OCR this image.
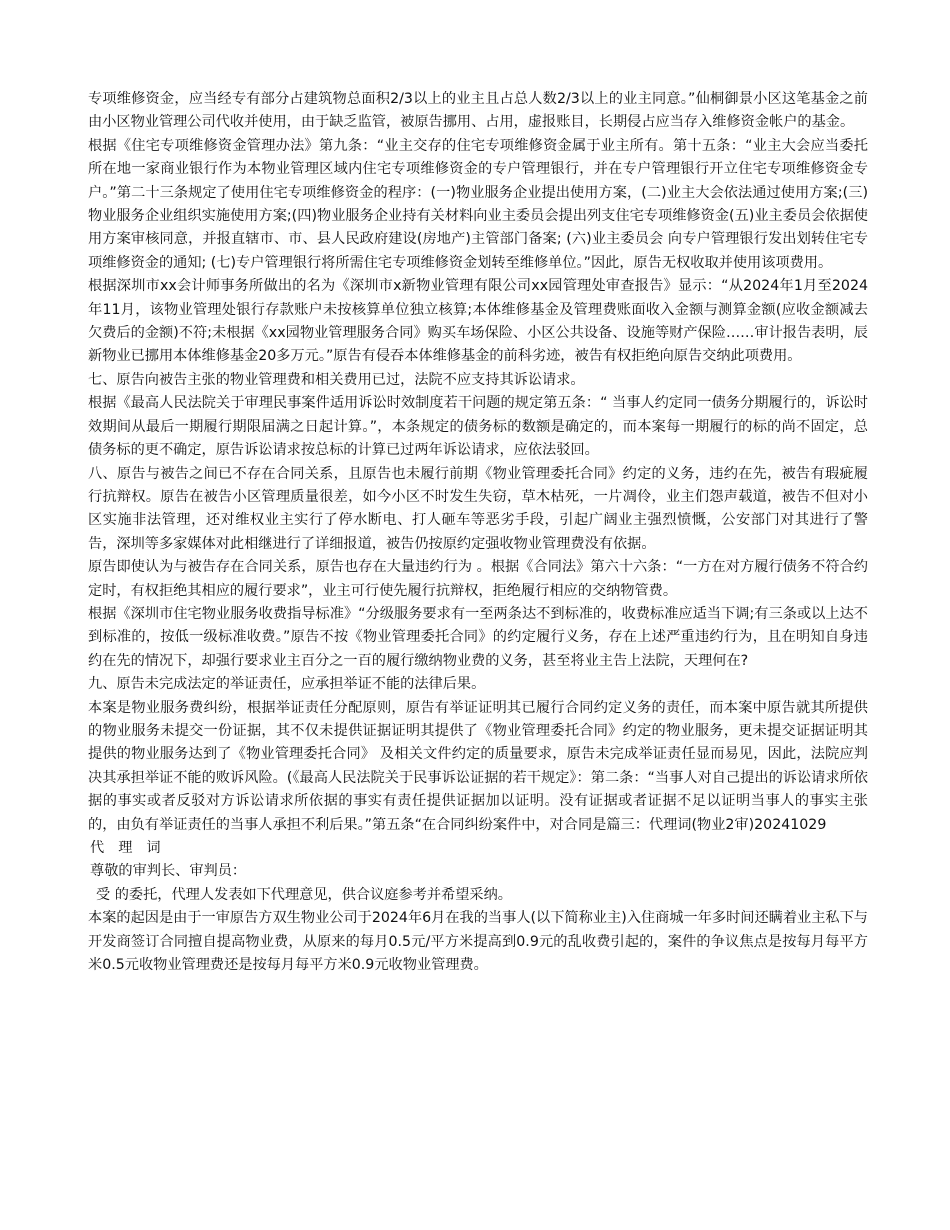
专项维修资金，应当经专有部分占建筑物总面积2/3以上的业主且占总人数2/3以上的业主同意。”仙桐御景小区这笔基金之前由小区物业管理公司代收并使用，由于缺乏监管，被原告挪用、占用，虚报账目，长期侵占应当存入维修资金帐户的基金。

根据《住宅专项维修资金管理办法》第九条：“业主交存的住宅专项维修资金属于业主所有。第十五条：“业主大会应当委托所在地一家商业银行作为本物业管理区域内住宅专项维修资金的专户管理银行，并在专户管理银行开立住宅专项维修资金专户。”第二十三条规定了使用住宅专项维修资金的程序：(一)物业服务企业提出使用方案，(二)业主大会依法通过使用方案;(三)物业服务企业组织实施使用方案;(四)物业服务企业持有关材料向业主委员会提出列支住宅专项维修资金(五)业主委员会依据使用方案审核同意，并报直辖市、市、县人民政府建设(房地产)主管部门备案; (六)业主委员会 向专户管理银行发出划转住宅专项维修资金的通知; (七)专户管理银行将所需住宅专项维修资金划转至维修单位。”因此，原告无权收取并使用该项费用。

根据深圳市xx会计师事务所做出的名为《深圳市x新物业管理有限公司xx园管理处审查报告》显示：“从2024年1月至2024年11月，该物业管理处银行存款账户未按核算单位独立核算;本体维修基金及管理费账面收入金额与测算金额(应收金额减去欠费后的金额)不符;未根据《xx园物业管理服务合同》购买车场保险、小区公共设备、设施等财产保险……审计报告表明，辰新物业已挪用本体维修基金20多万元。”原告有侵吞本体维修基金的前科劣迹，被告有权拒绝向原告交纳此项费用。

七、原告向被告主张的物业管理费和相关费用已过，法院不应支持其诉讼请求。

根据《最高人民法院关于审理民事案件适用诉讼时效制度若干问题的规定第五条：“ 当事人约定同一债务分期履行的，诉讼时效期间从最后一期履行期限届满之日起计算。”，本条规定的债务标的数额是确定的，而本案每一期履行的标的尚不固定，总债务标的更不确定，原告诉讼请求按总标的计算已过两年诉讼请求，应依法驳回。

八、原告与被告之间已不存在合同关系，且原告也未履行前期《物业管理委托合同》约定的义务，违约在先，被告有瑕疵履行抗辩权。原告在被告小区管理质量很差，如今小区不时发生失窃，草木枯死，一片凋伶，业主们怨声载道，被告不但对小区实施非法管理，还对维权业主实行了停水断电、打人砸车等恶劣手段，引起广阔业主强烈愤慨，公安部门对其进行了警告，深圳等多家媒体对此相继进行了详细报道，被告仍按原约定强收物业管理费没有依据。

原告即使认为与被告存在合同关系，原告也存在大量违约行为 。根据《合同法》第六十六条：“一方在对方履行债务不符合约定时，有权拒绝其相应的履行要求”，业主可行使先履行抗辩权，拒绝履行相应的交纳物管费。

根据《深圳市住宅物业服务收费指导标准》“分级服务要求有一至两条达不到标准的，收费标准应适当下调;有三条或以上达不到标准的，按低一级标准收费。”原告不按《物业管理委托合同》的约定履行义务，存在上述严重违约行为，且在明知自身违约在先的情况下，却强行要求业主百分之一百的履行缴纳物业费的义务，甚至将业主告上法院，天理何在?

九、原告未完成法定的举证责任，应承担举证不能的法律后果。

本案是物业服务费纠纷，根据举证责任分配原则，原告有举证证明其已履行合同约定义务的责任，而本案中原告就其所提供的物业服务未提交一份证据，其不仅未提供证据证明其提供了《物业管理委托合同》约定的物业服务，更未提交证据证明其提供的物业服务达到了《物业管理委托合同》 及相关文件约定的质量要求，原告未完成举证责任显而易见，因此，法院应判决其承担举证不能的败诉风险。(《最高人民法院关于民事诉讼证据的若干规定》：第二条：“当事人对自己提出的诉讼请求所依据的事实或者反驳对方诉讼请求所依据的事实有责任提供证据加以证明。没有证据或者证据不足以证明当事人的事实主张的，由负有举证责任的当事人承担不利后果。”第五条“在合同纠纷案件中，对合同是篇三：代理词(物业2审)20241029

代理词

尊敬的审判长、审判员：

受 的委托，代理人发表如下代理意见，供合议庭参考并希望采纳。

本案的起因是由于一审原告方双生物业公司于2024年6月在我的当事人(以下简称业主)入住商城一年多时间还瞒着业主私下与开发商签订合同擅自提高物业费，从原来的每月0.5元/平方米提高到0.9元的乱收费引起的，案件的争议焦点是按每月每平方米0.5元收物业管理费还是按每月每平方米0.9元收物业管理费。
